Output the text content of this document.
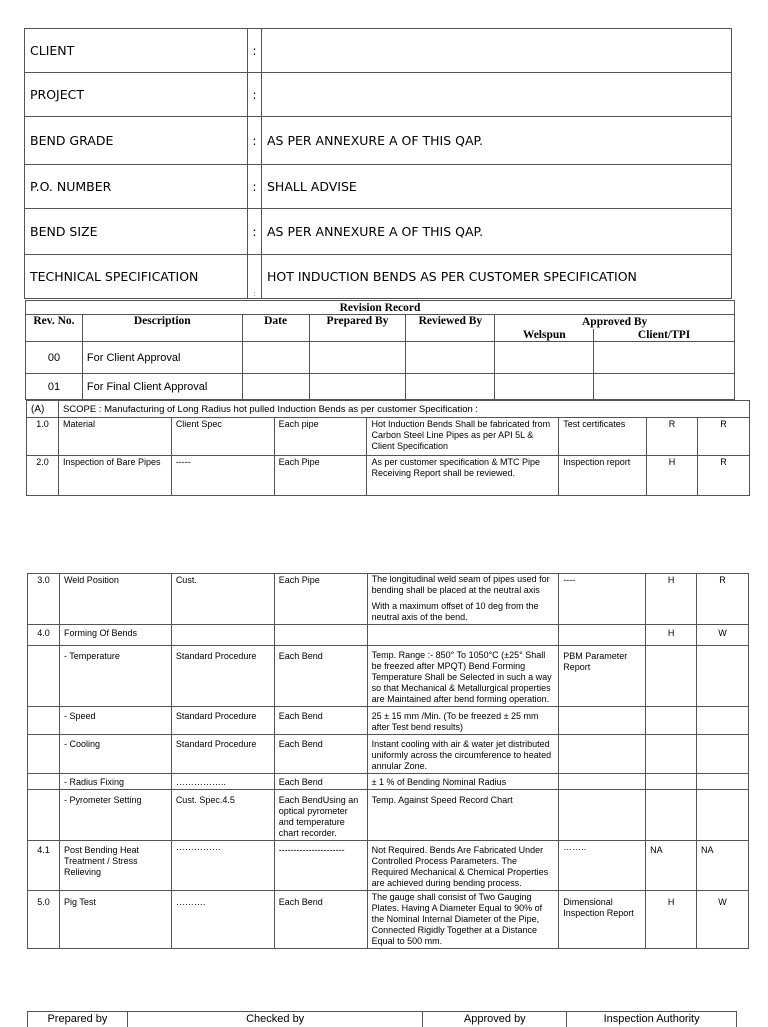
CLIENT	:	
PROJECT	:	
BEND GRADE	:	AS PER ANNEXURE A OF THIS QAP.
P.O. NUMBER	:	SHALL ADVISE
BEND SIZE	:	AS PER ANNEXURE A OF THIS QAP.
TECHNICAL SPECIFICATION	:	HOT INDUCTION BENDS AS PER CUSTOMER SPECIFICATION
Revision Record						
Rev. No.	Description	Date	Prepared By	Reviewed By	Approved By	
					Welspun	Client/TPI
00	For Client Approval					
01	For Final Client Approval					
(A)	SCOPE : Manufacturing of Long Radius hot pulled Induction Bends as per customer Specification :						
1.0	Material	Client Spec	Each pipe	Hot Induction Bends Shall be fabricated from Carbon Steel Line Pipes as per API 5L & Client Specification	Test certificates	R	R
2.0	Inspection of Bare Pipes	-----	Each Pipe	As per customer specification & MTC Pipe Receiving Report shall be reviewed.	Inspection report	H	R
3.0	Weld Position	Cust.	Each Pipe	The longitudinal weld seam of pipes used for bending shall be placed at the neutral axis
With a maximum offset of 10 deg from the neutral axis of the bend.	----	H	R
4.0	Forming Of Bends					H	W
	- Temperature	Standard Procedure	Each Bend	Temp. Range :- 850° To 1050°C (±25° Shall be freezed after MPQT) Bend Forming Temperature Shall be Selected in such a way so that Mechanical & Metallurgical properties are Maintained after bend forming operation.	PBM Parameter Report		
	- Speed	Standard Procedure	Each Bend	25 ± 15 mm /Min. (To be freezed ± 25 mm after Test bend results)			
	- Cooling	Standard Procedure	Each Bend	Instant cooling with air & water jet distributed uniformly across the circumference to heated annular Zone.			
	- Radius Fixing	……………..	Each Bend	± 1 % of Bending Nominal Radius			
	- Pyrometer Setting	Cust. Spec.4.5	Each BendUsing an optical pyrometer and temperature chart recorder.	Temp. Against Speed Record Chart			
4.1	Post Bending Heat Treatment / Stress Relieving	……………	----------------------	Not Required. Bends Are Fabricated Under Controlled Process Parameters. The Required Mechanical & Chemical Properties are achieved during bending process.	……..	NA	NA
5.0	Pig Test	……….	Each Bend	The gauge shall consist of Two Gauging Plates. Having A Diameter Equal to 90% of the Nominal Internal Diameter of the Pipe, Connected Rigidly Together at a Distance Equal to 500 mm.	Dimensional Inspection Report	H	W
Prepared by	Checked by	Approved by	Inspection Authority
